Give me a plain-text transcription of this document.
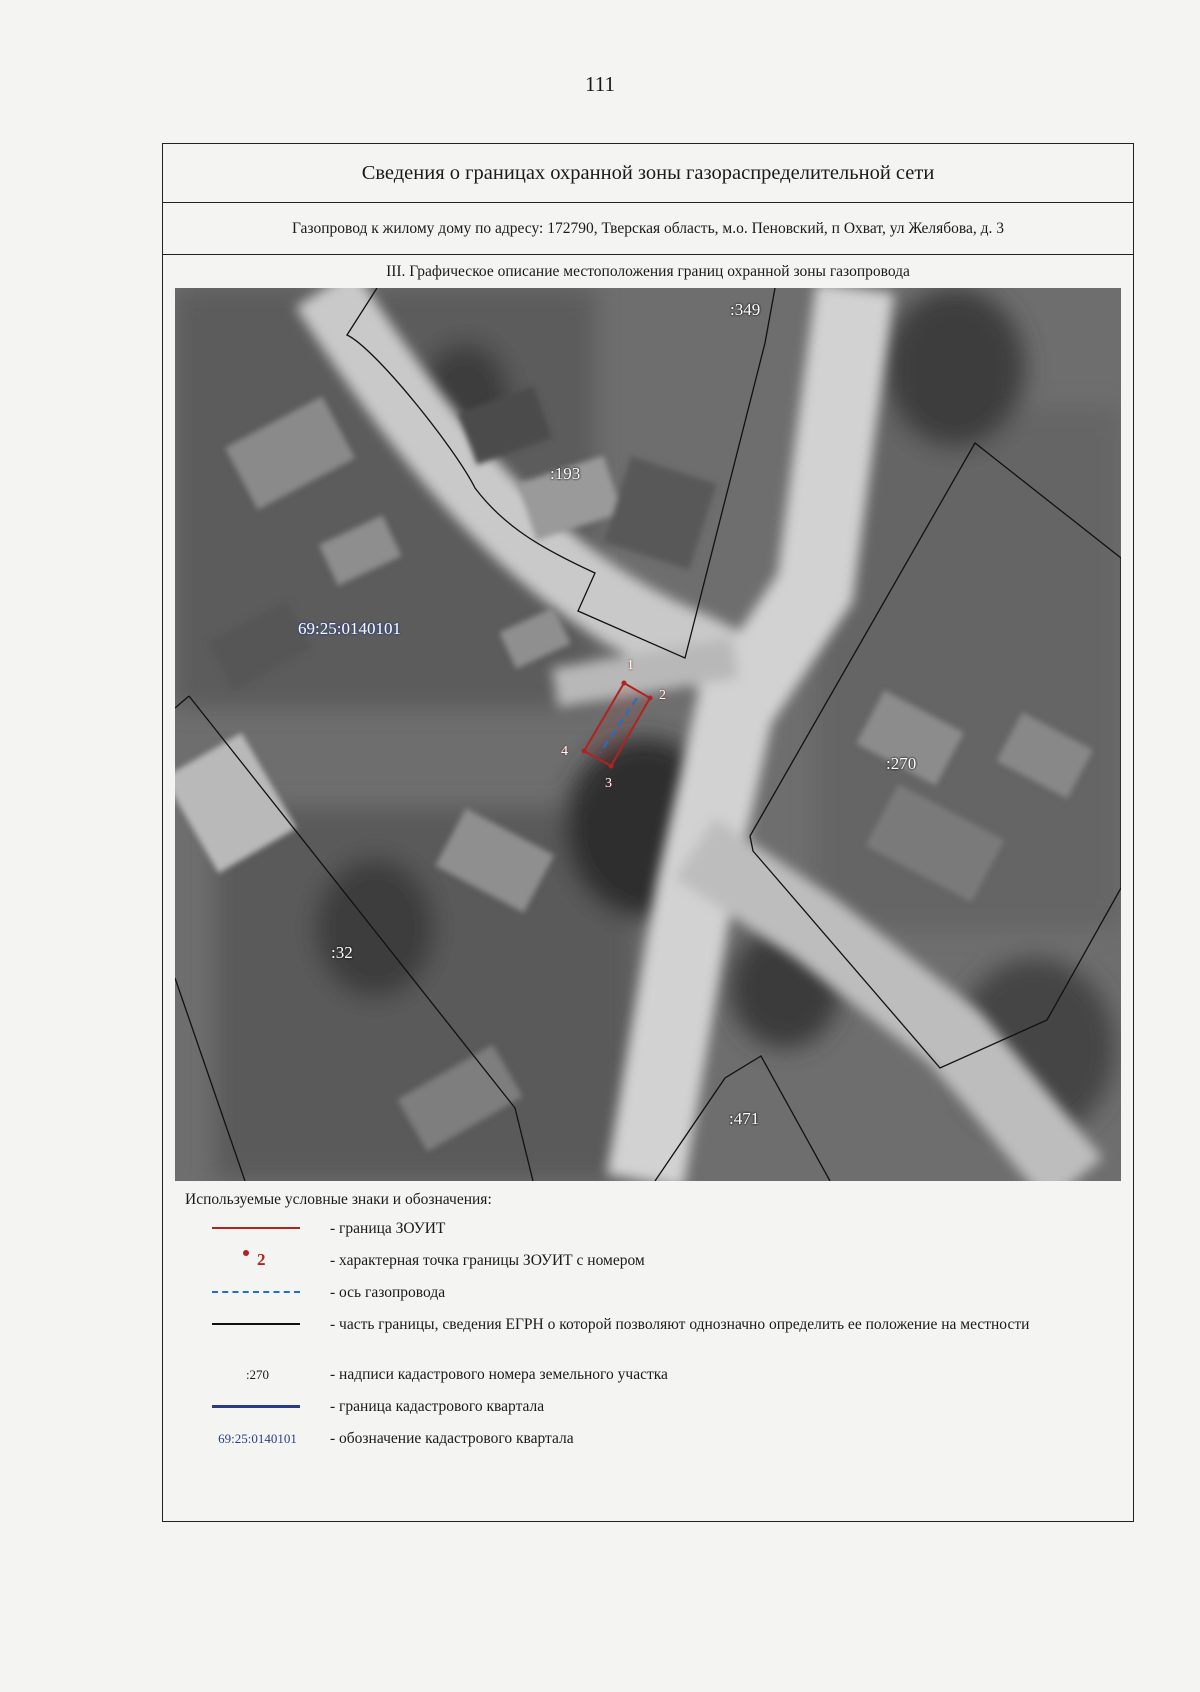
111
Сведения о границах охранной зоны газораспределительной сети
Газопровод к жилому дому по адресу: 172790, Тверская область, м.о. Пеновский, п Охват, ул Желябова, д. 3
III. Графическое описание местоположения границ охранной зоны газопровода
:349
:193
:270
:32
:471
69:25:0140101
1
2
3
4
Используемые условные знаки и обозначения:
- граница ЗОУИТ
2	- характерная точка границы ЗОУИТ с номером
- ось газопровода
- часть границы, сведения ЕГРН о которой позволяют однозначно определить ее положение на местности
:270	- надписи кадастрового номера земельного участка
- граница кадастрового квартала
69:25:0140101	- обозначение кадастрового квартала
